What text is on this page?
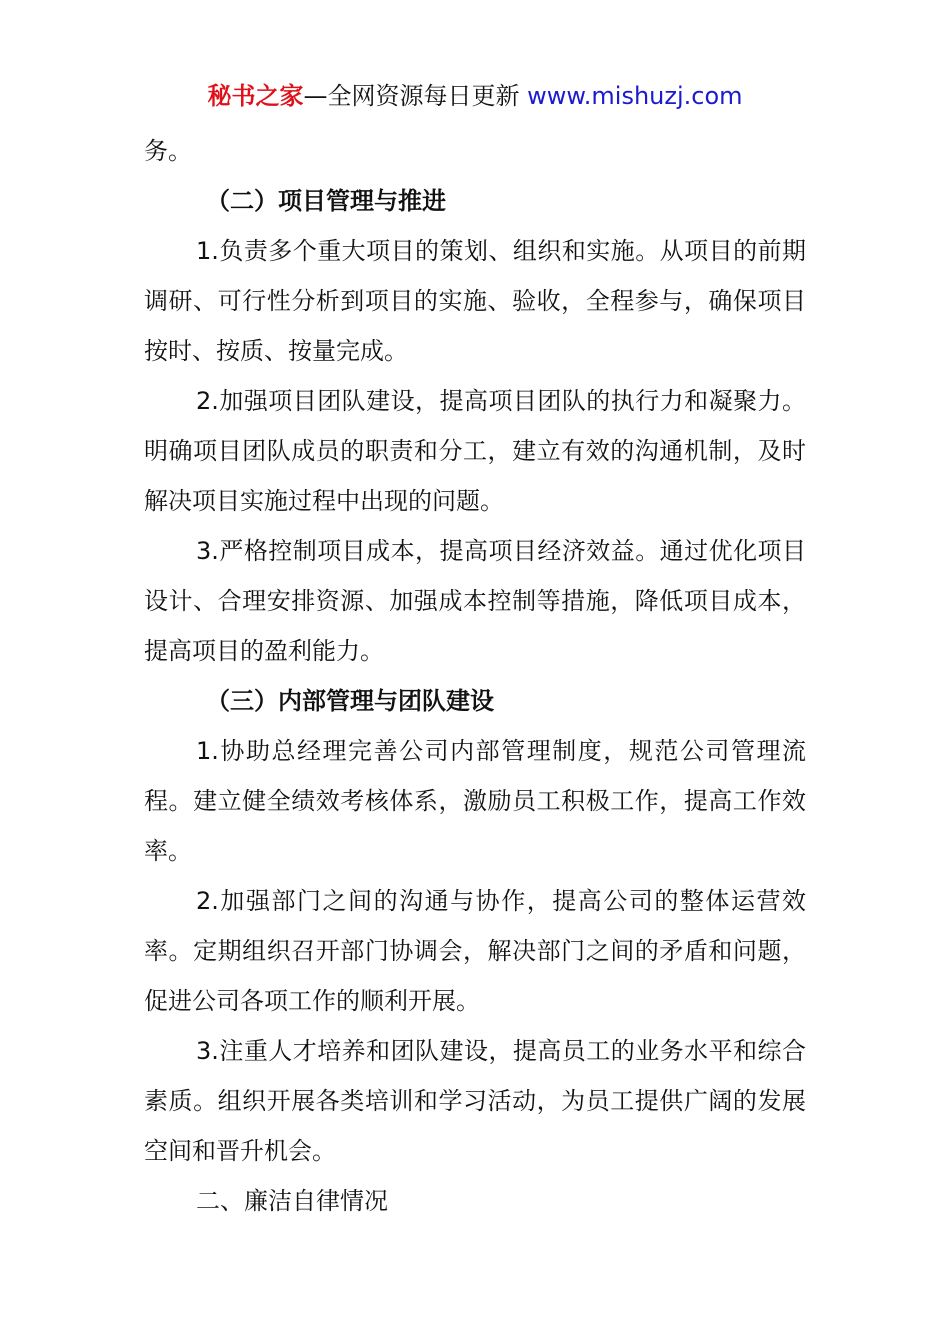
秘书之家—全网资源每日更新 www.mishuzj.com

务。

（二）项目管理与推进

1.负责多个重大项目的策划、组织和实施。从项目的前期调研、可行性分析到项目的实施、验收，全程参与，确保项目按时、按质、按量完成。

2.加强项目团队建设，提高项目团队的执行力和凝聚力。明确项目团队成员的职责和分工，建立有效的沟通机制，及时解决项目实施过程中出现的问题。

3.严格控制项目成本，提高项目经济效益。通过优化项目设计、合理安排资源、加强成本控制等措施，降低项目成本，提高项目的盈利能力。

（三）内部管理与团队建设

1.协助总经理完善公司内部管理制度，规范公司管理流程。建立健全绩效考核体系，激励员工积极工作，提高工作效率。

2.加强部门之间的沟通与协作，提高公司的整体运营效率。定期组织召开部门协调会，解决部门之间的矛盾和问题，促进公司各项工作的顺利开展。

3.注重人才培养和团队建设，提高员工的业务水平和综合素质。组织开展各类培训和学习活动，为员工提供广阔的发展空间和晋升机会。

二、廉洁自律情况
